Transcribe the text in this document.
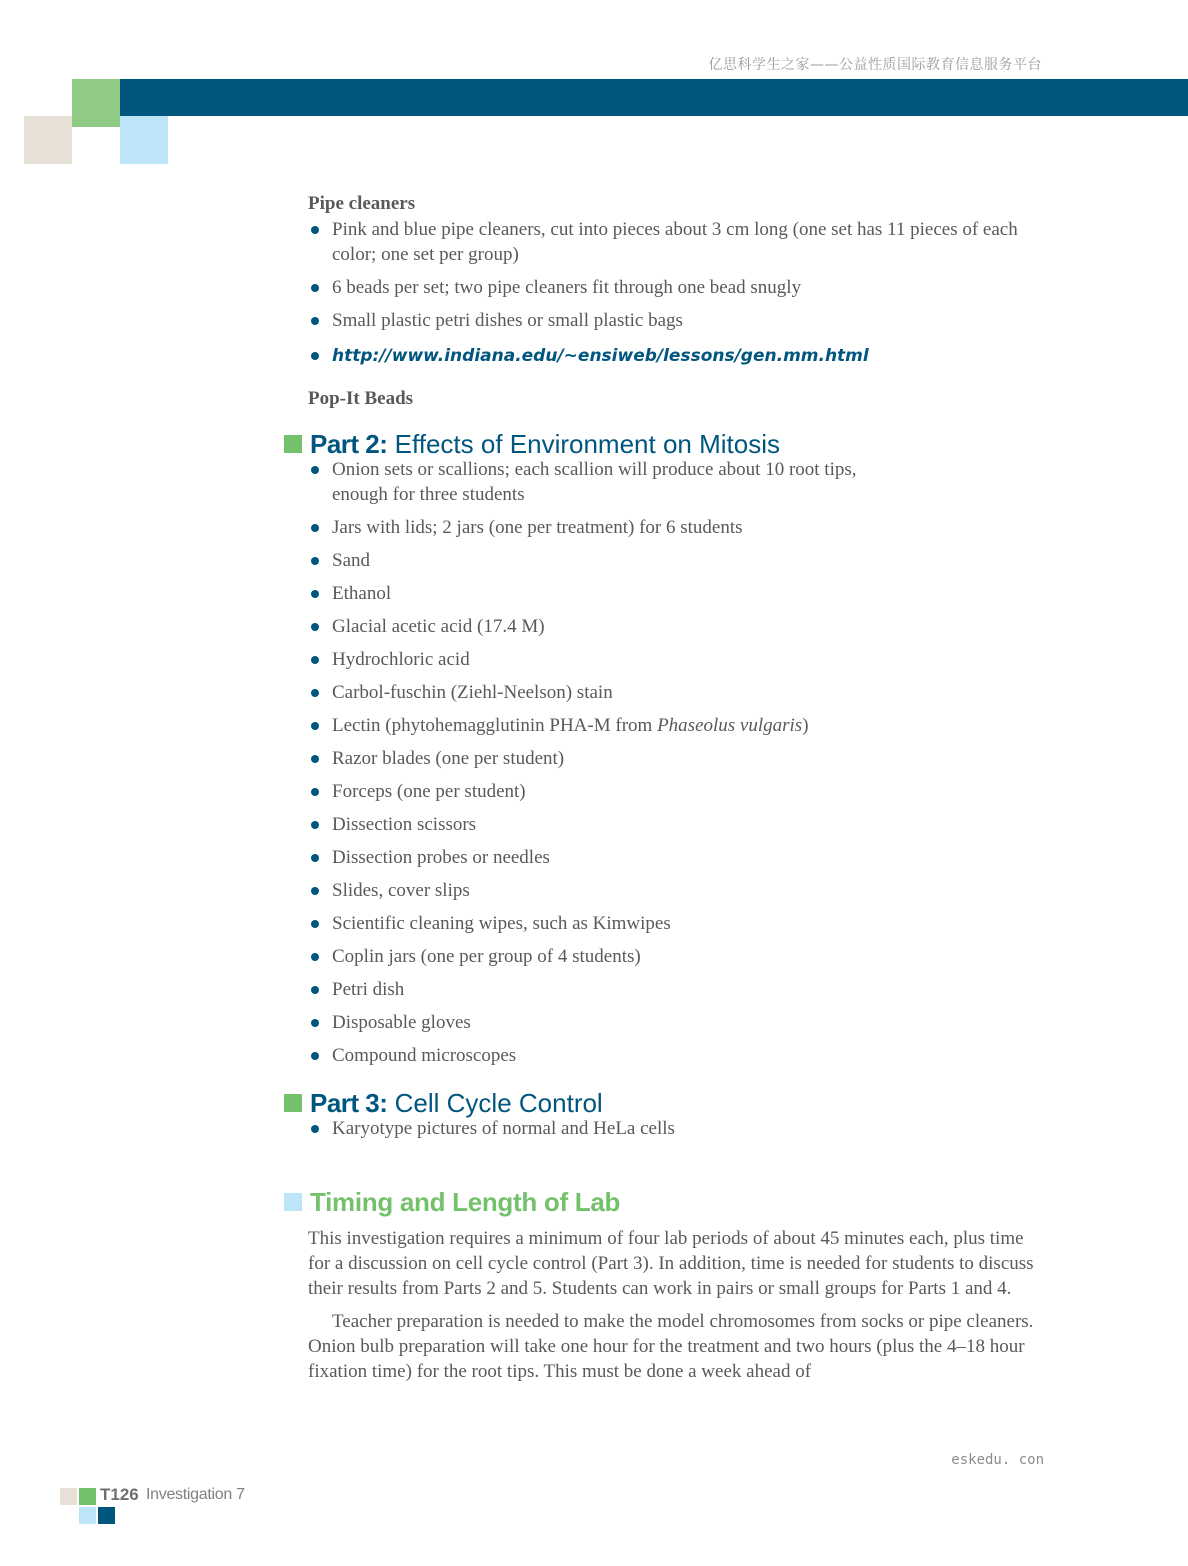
亿思科学生之家——公益性质国际教育信息服务平台
Pipe cleaners
Pink and blue pipe cleaners, cut into pieces about 3 cm long (one set has 11 pieces of each color; one set per group)
6 beads per set; two pipe cleaners fit through one bead snugly
Small plastic petri dishes or small plastic bags
http://www.indiana.edu/~ensiweb/lessons/gen.mm.html
Pop-It Beads
Part 2: Effects of Environment on Mitosis
Onion sets or scallions; each scallion will produce about 10 root tips, enough for three students
Jars with lids; 2 jars (one per treatment) for 6 students
Sand
Ethanol
Glacial acetic acid (17.4 M)
Hydrochloric acid
Carbol-fuschin (Ziehl-Neelson) stain
Lectin (phytohemagglutinin PHA-M from Phaseolus vulgaris)
Razor blades (one per student)
Forceps (one per student)
Dissection scissors
Dissection probes or needles
Slides, cover slips
Scientific cleaning wipes, such as Kimwipes
Coplin jars (one per group of 4 students)
Petri dish
Disposable gloves
Compound microscopes
Part 3: Cell Cycle Control
Karyotype pictures of normal and HeLa cells
Timing and Length of Lab

This investigation requires a minimum of four lab periods of about 45 minutes each, plus time for a discussion on cell cycle control (Part 3). In addition, time is needed for students to discuss their results from Parts 2 and 5. Students can work in pairs or small groups for Parts 1 and 4.

Teacher preparation is needed to make the model chromosomes from socks or pipe cleaners. Onion bulb preparation will take one hour for the treatment and two hours (plus the 4–18 hour fixation time) for the root tips. This must be done a week ahead of

eskedu. con
T126 Investigation 7
